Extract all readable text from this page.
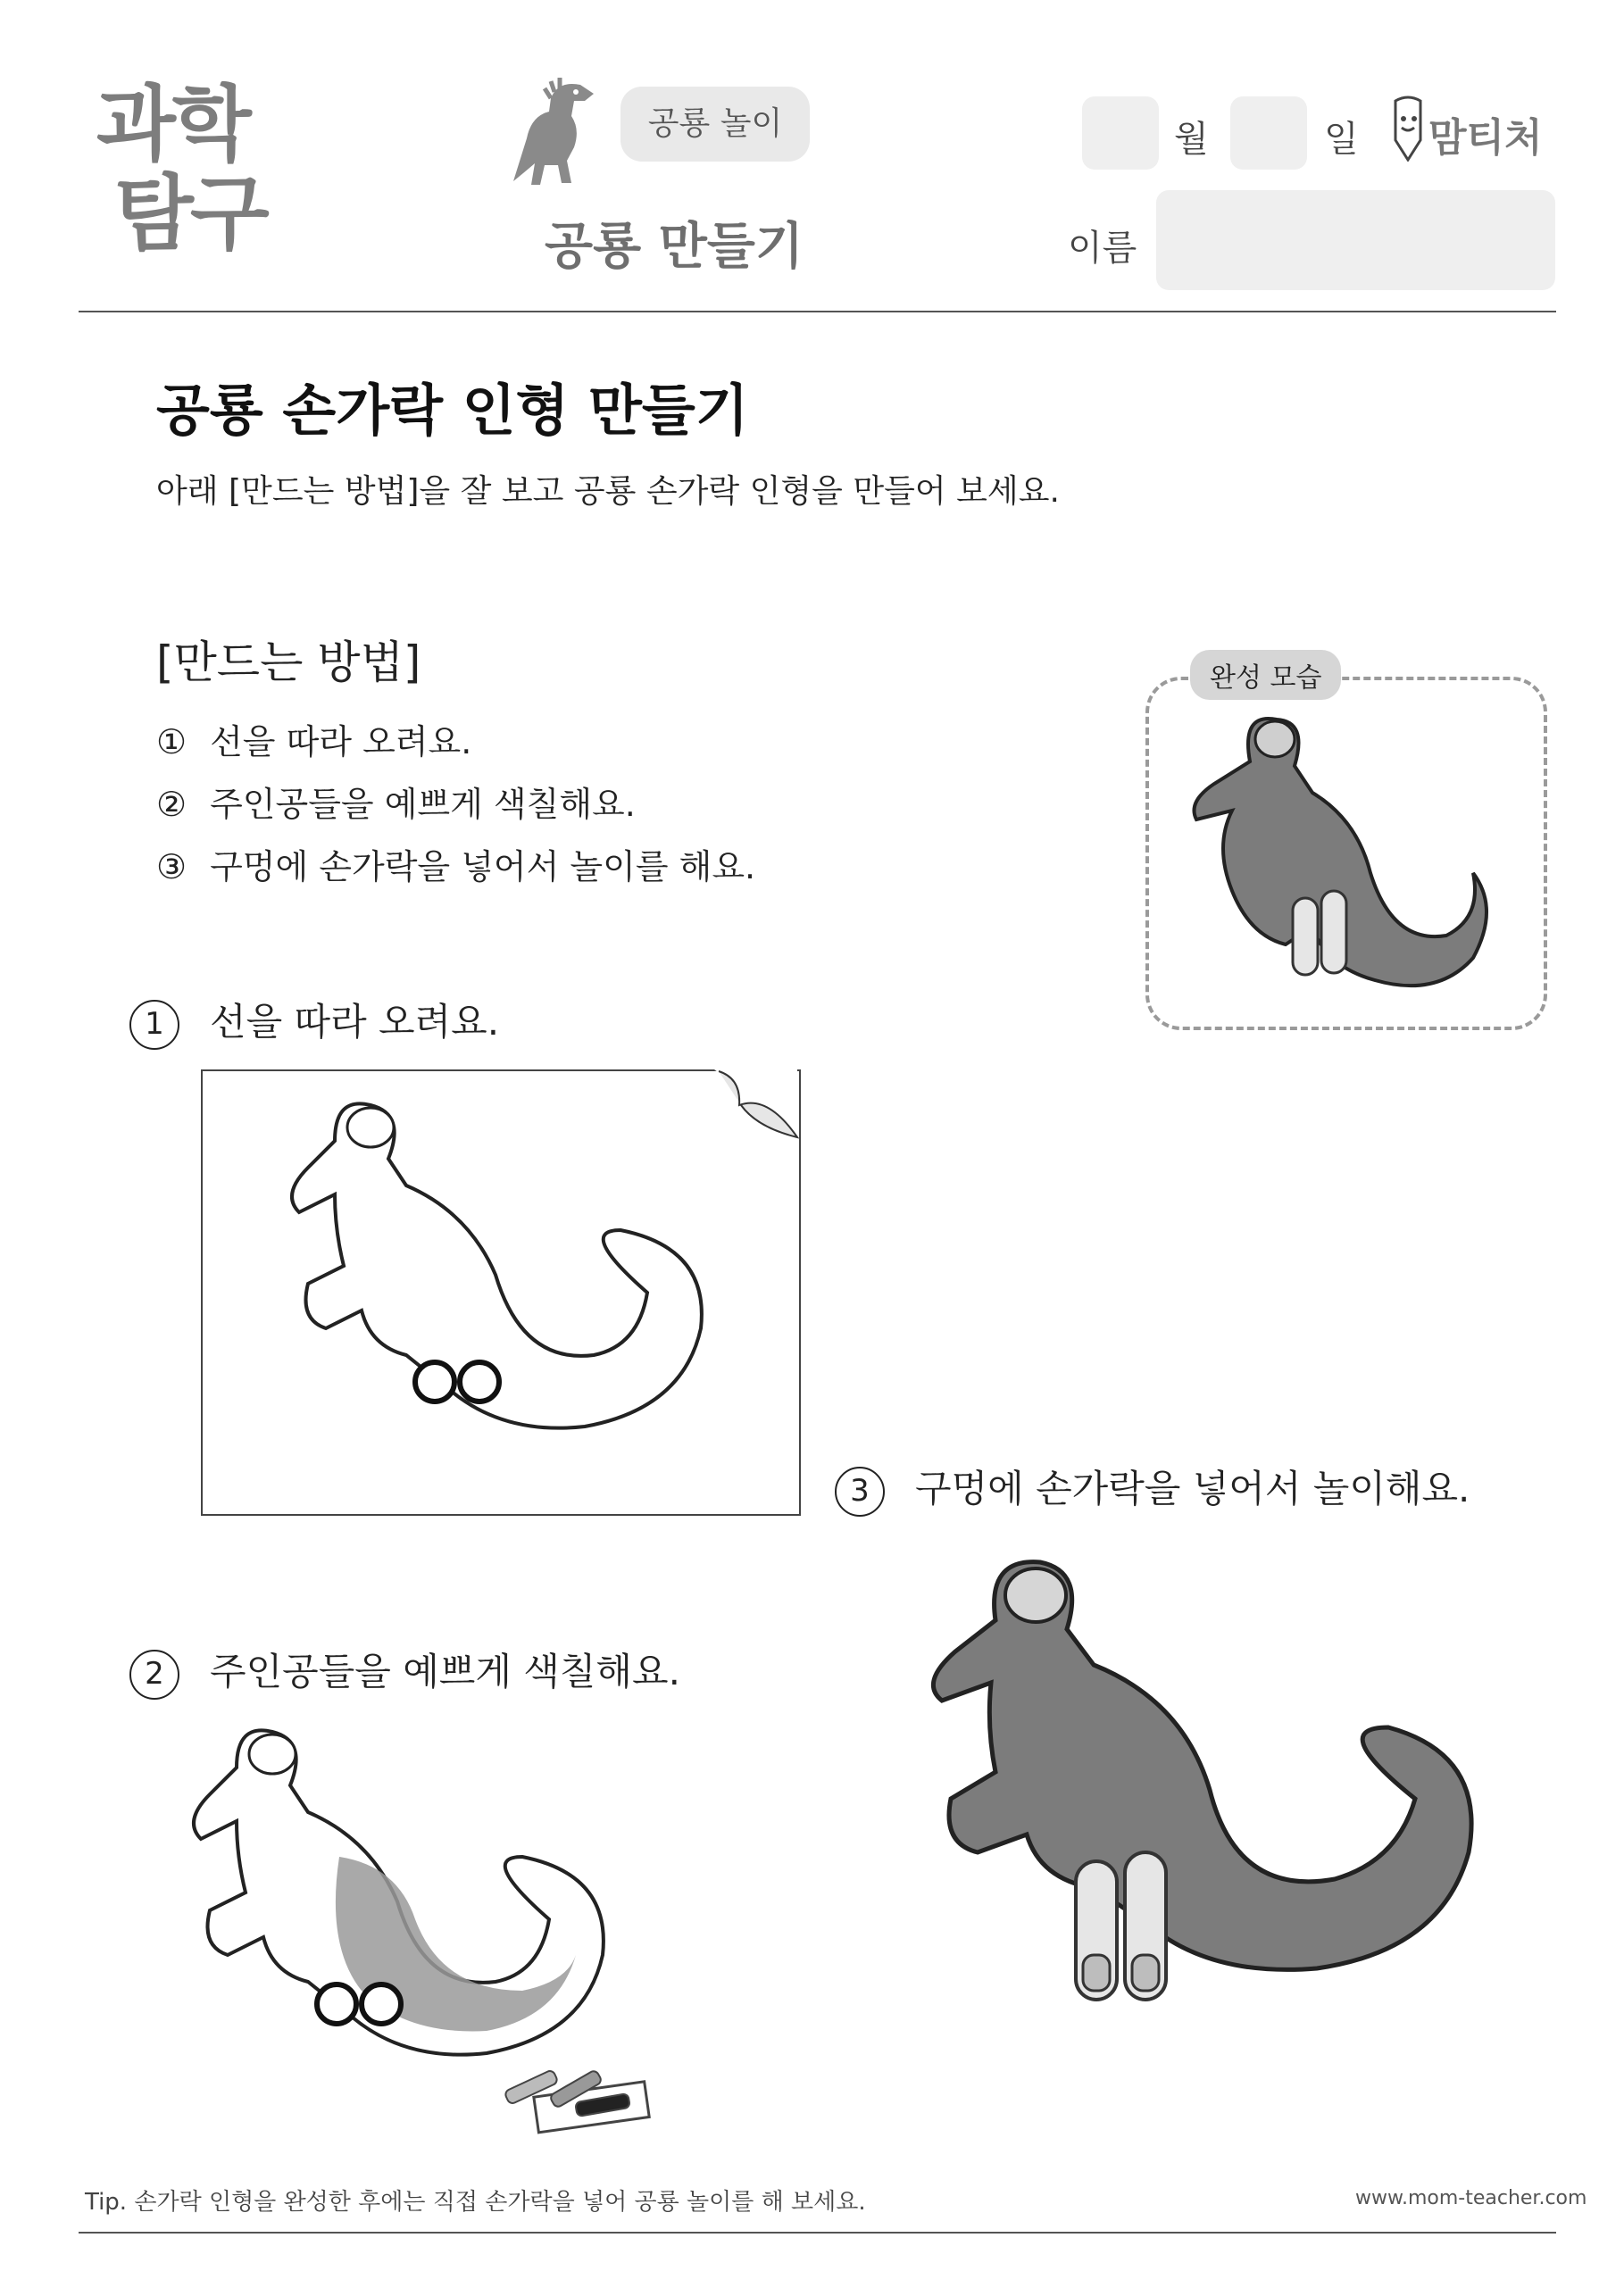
과학
탐구
공룡 놀이
공룡 만들기
월	일 맘티처
이름
공룡 손가락 인형 만들기
아래 [만드는 방법]을 잘 보고 공룡 손가락 인형을 만들어 보세요.
[만드는 방법]
① 선을 따라 오려요.
② 주인공들을 예쁘게 색칠해요.
③ 구멍에 손가락을 넣어서 놀이를 해요.
완성 모습
1 선을 따라 오려요.
2 주인공들을 예쁘게 색칠해요.
3 구멍에 손가락을 넣어서 놀이해요.
Tip. 손가락 인형을 완성한 후에는 직접 손가락을 넣어 공룡 놀이를 해 보세요.	www.mom-teacher.com
